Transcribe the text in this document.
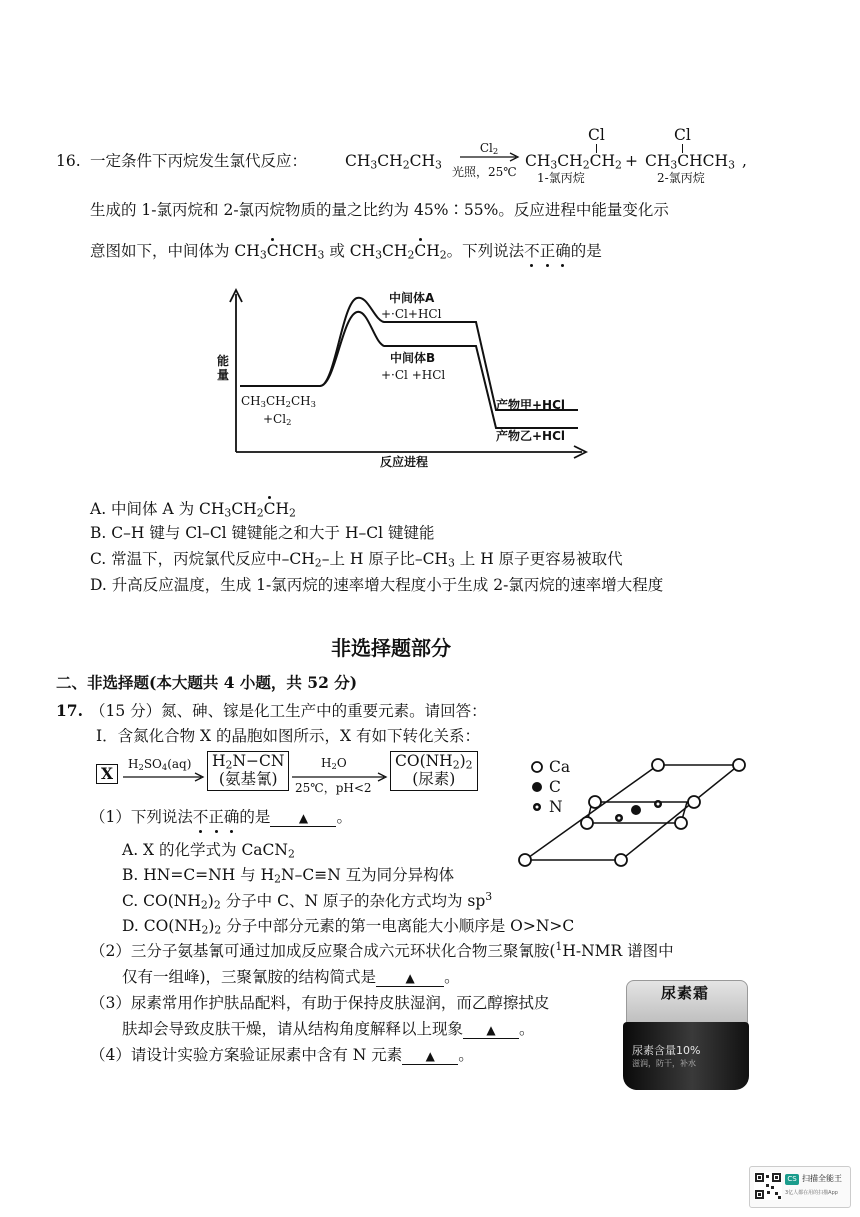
16. 一定条件下丙烷发生氯代反应： $CH_3CH_2CH_3$
$Cl_2$
光照，25℃
Cl
$CH_3CH_2CH_2$
1-氯丙烷
+
Cl
$CH_3CHCH_3$ ,
2-氯丙烷
生成的 1-氯丙烷和 2-氯丙烷物质的量之比约为 45%∶55%。反应进程中能量变化示
意图如下，中间体为 $CH_3CHCH_3$ 或 $CH_3CH_2CH_2$。下列说法不正确的是
能量
反应进程
$CH_3CH_2CH_3$
$+Cl_2$
中间体A
+·Cl+HCl
中间体B
+·Cl +HCl
产物甲+HCl
产物乙+HCl
A. 中间体 A 为 $CH_3CH_2CH_2$
B. C–H 键与 Cl–Cl 键键能之和大于 H–Cl 键键能
C. 常温下，丙烷氯代反应中$-CH_2-$上 H 原子比$-CH_3$ 上 H 原子更容易被取代
D. 升高反应温度，生成 1-氯丙烷的速率增大程度小于生成 2-氯丙烷的速率增大程度
非选择题部分
二、非选择题(本大题共 4 小题，共 52 分)
17. （15 分）氮、砷、镓是化工生产中的重要元素。请回答：
Ⅰ．含氮化合物 X 的晶胞如图所示，X 有如下转化关系：
X	$H_2SO_4(aq)$ $H_2N-CN$
(氨基氰)
$H_2O$
25℃，pH<2
$CO(NH_2)_2$
(尿素)
Ca
C
N
（1）下列说法不正确的是 ▲ 。
A. X 的化学式为 CaCN$_2$
B. HN=C=NH 与 $H_2N-C\equiv N$ 互为同分异构体
C. $CO(NH_2)_2$ 分子中 C、N 原子的杂化方式均为 $sp^3$
D. $CO(NH_2)_2$ 分子中部分元素的第一电离能大小顺序是 O>N>C
（2）三分子氨基氰可通过加成反应聚合成六元环状化合物三聚氰胺($^1$H-NMR 谱图中
仅有一组峰)，三聚氰胺的结构简式是 ▲ 。
（3）尿素常用作护肤品配料，有助于保持皮肤湿润，而乙醇擦拭皮
肤却会导致皮肤干燥，请从结构角度解释以上现象 ▲ 。
（4）请设计实验方案验证尿素中含有 N 元素 ▲ 。
尿素霜
尿素含量10%
滋润，防干，补水
CS 扫描全能王
3亿人都在用的扫描App
